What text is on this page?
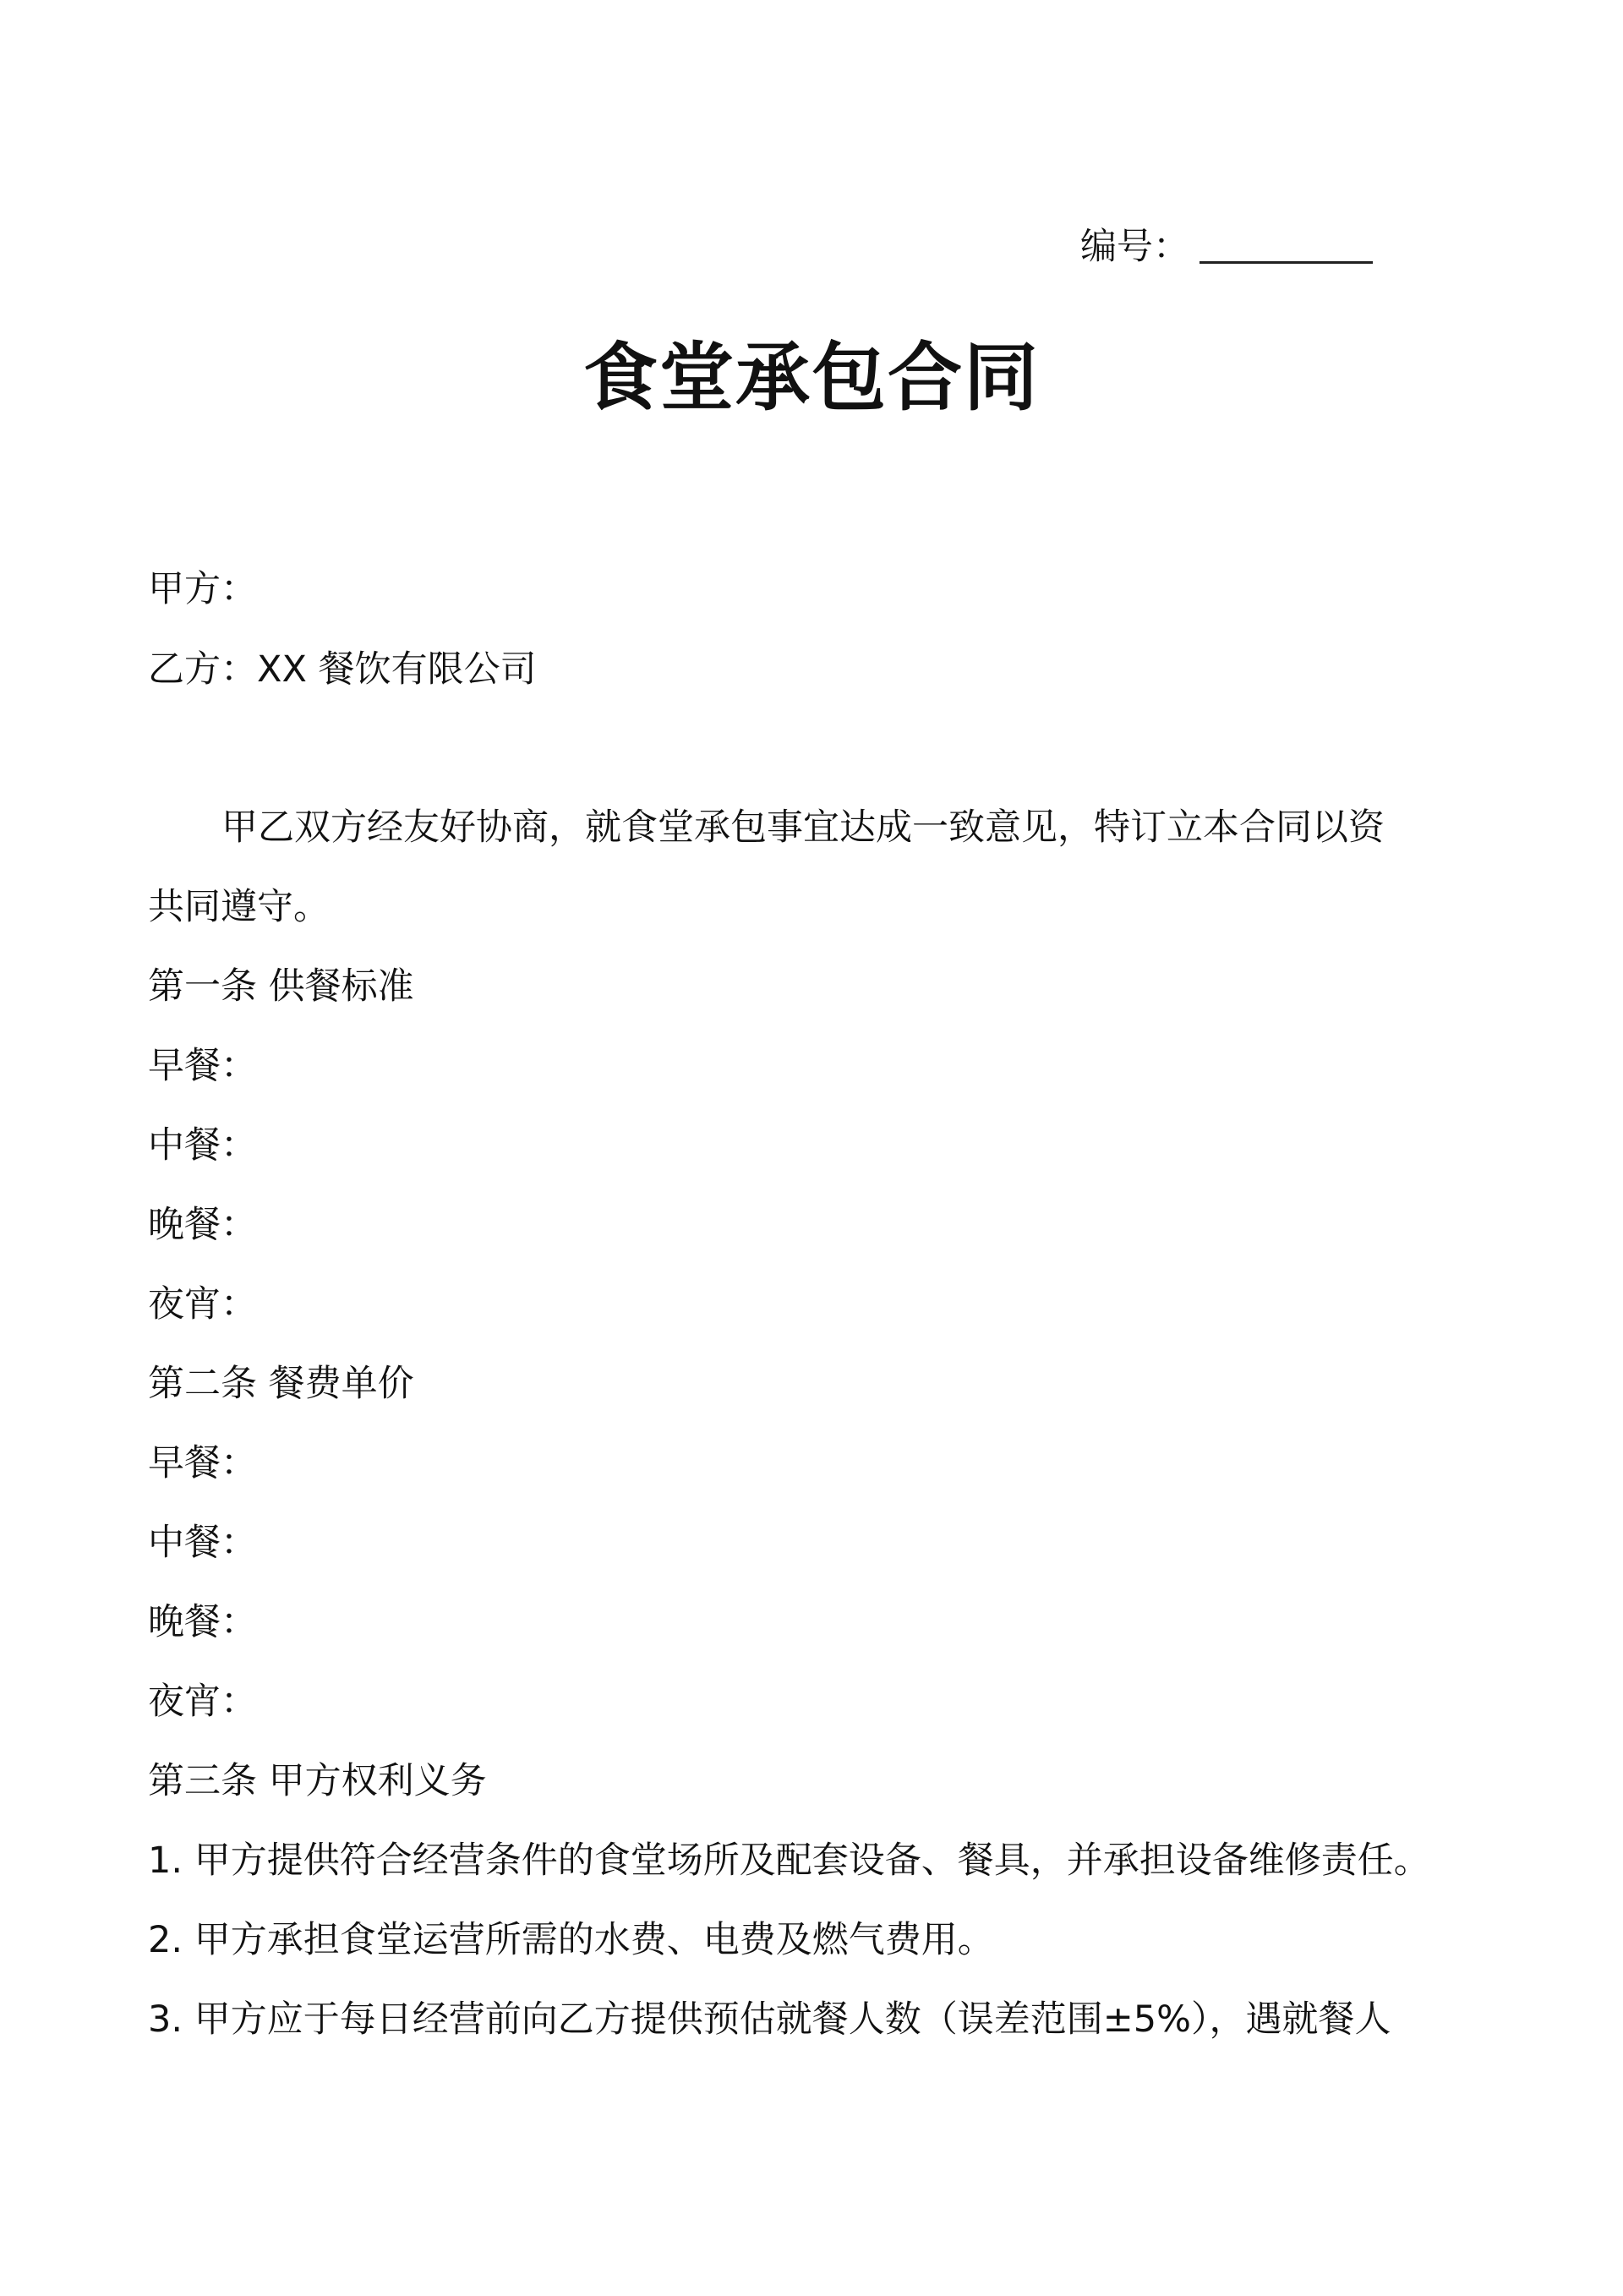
编号：
食堂承包合同
甲方：
乙方：XX 餐饮有限公司
甲乙双方经友好协商，就食堂承包事宜达成一致意见，特订立本合同以资
共同遵守。
第一条 供餐标准
早餐：
中餐：
晚餐：
夜宵：
第二条 餐费单价
早餐：
中餐：
晚餐：
夜宵：
第三条 甲方权利义务
1. 甲方提供符合经营条件的食堂场所及配套设备、餐具，并承担设备维修责任。
2. 甲方承担食堂运营所需的水费、电费及燃气费用。
3. 甲方应于每日经营前向乙方提供预估就餐人数（误差范围±5%），遇就餐人
